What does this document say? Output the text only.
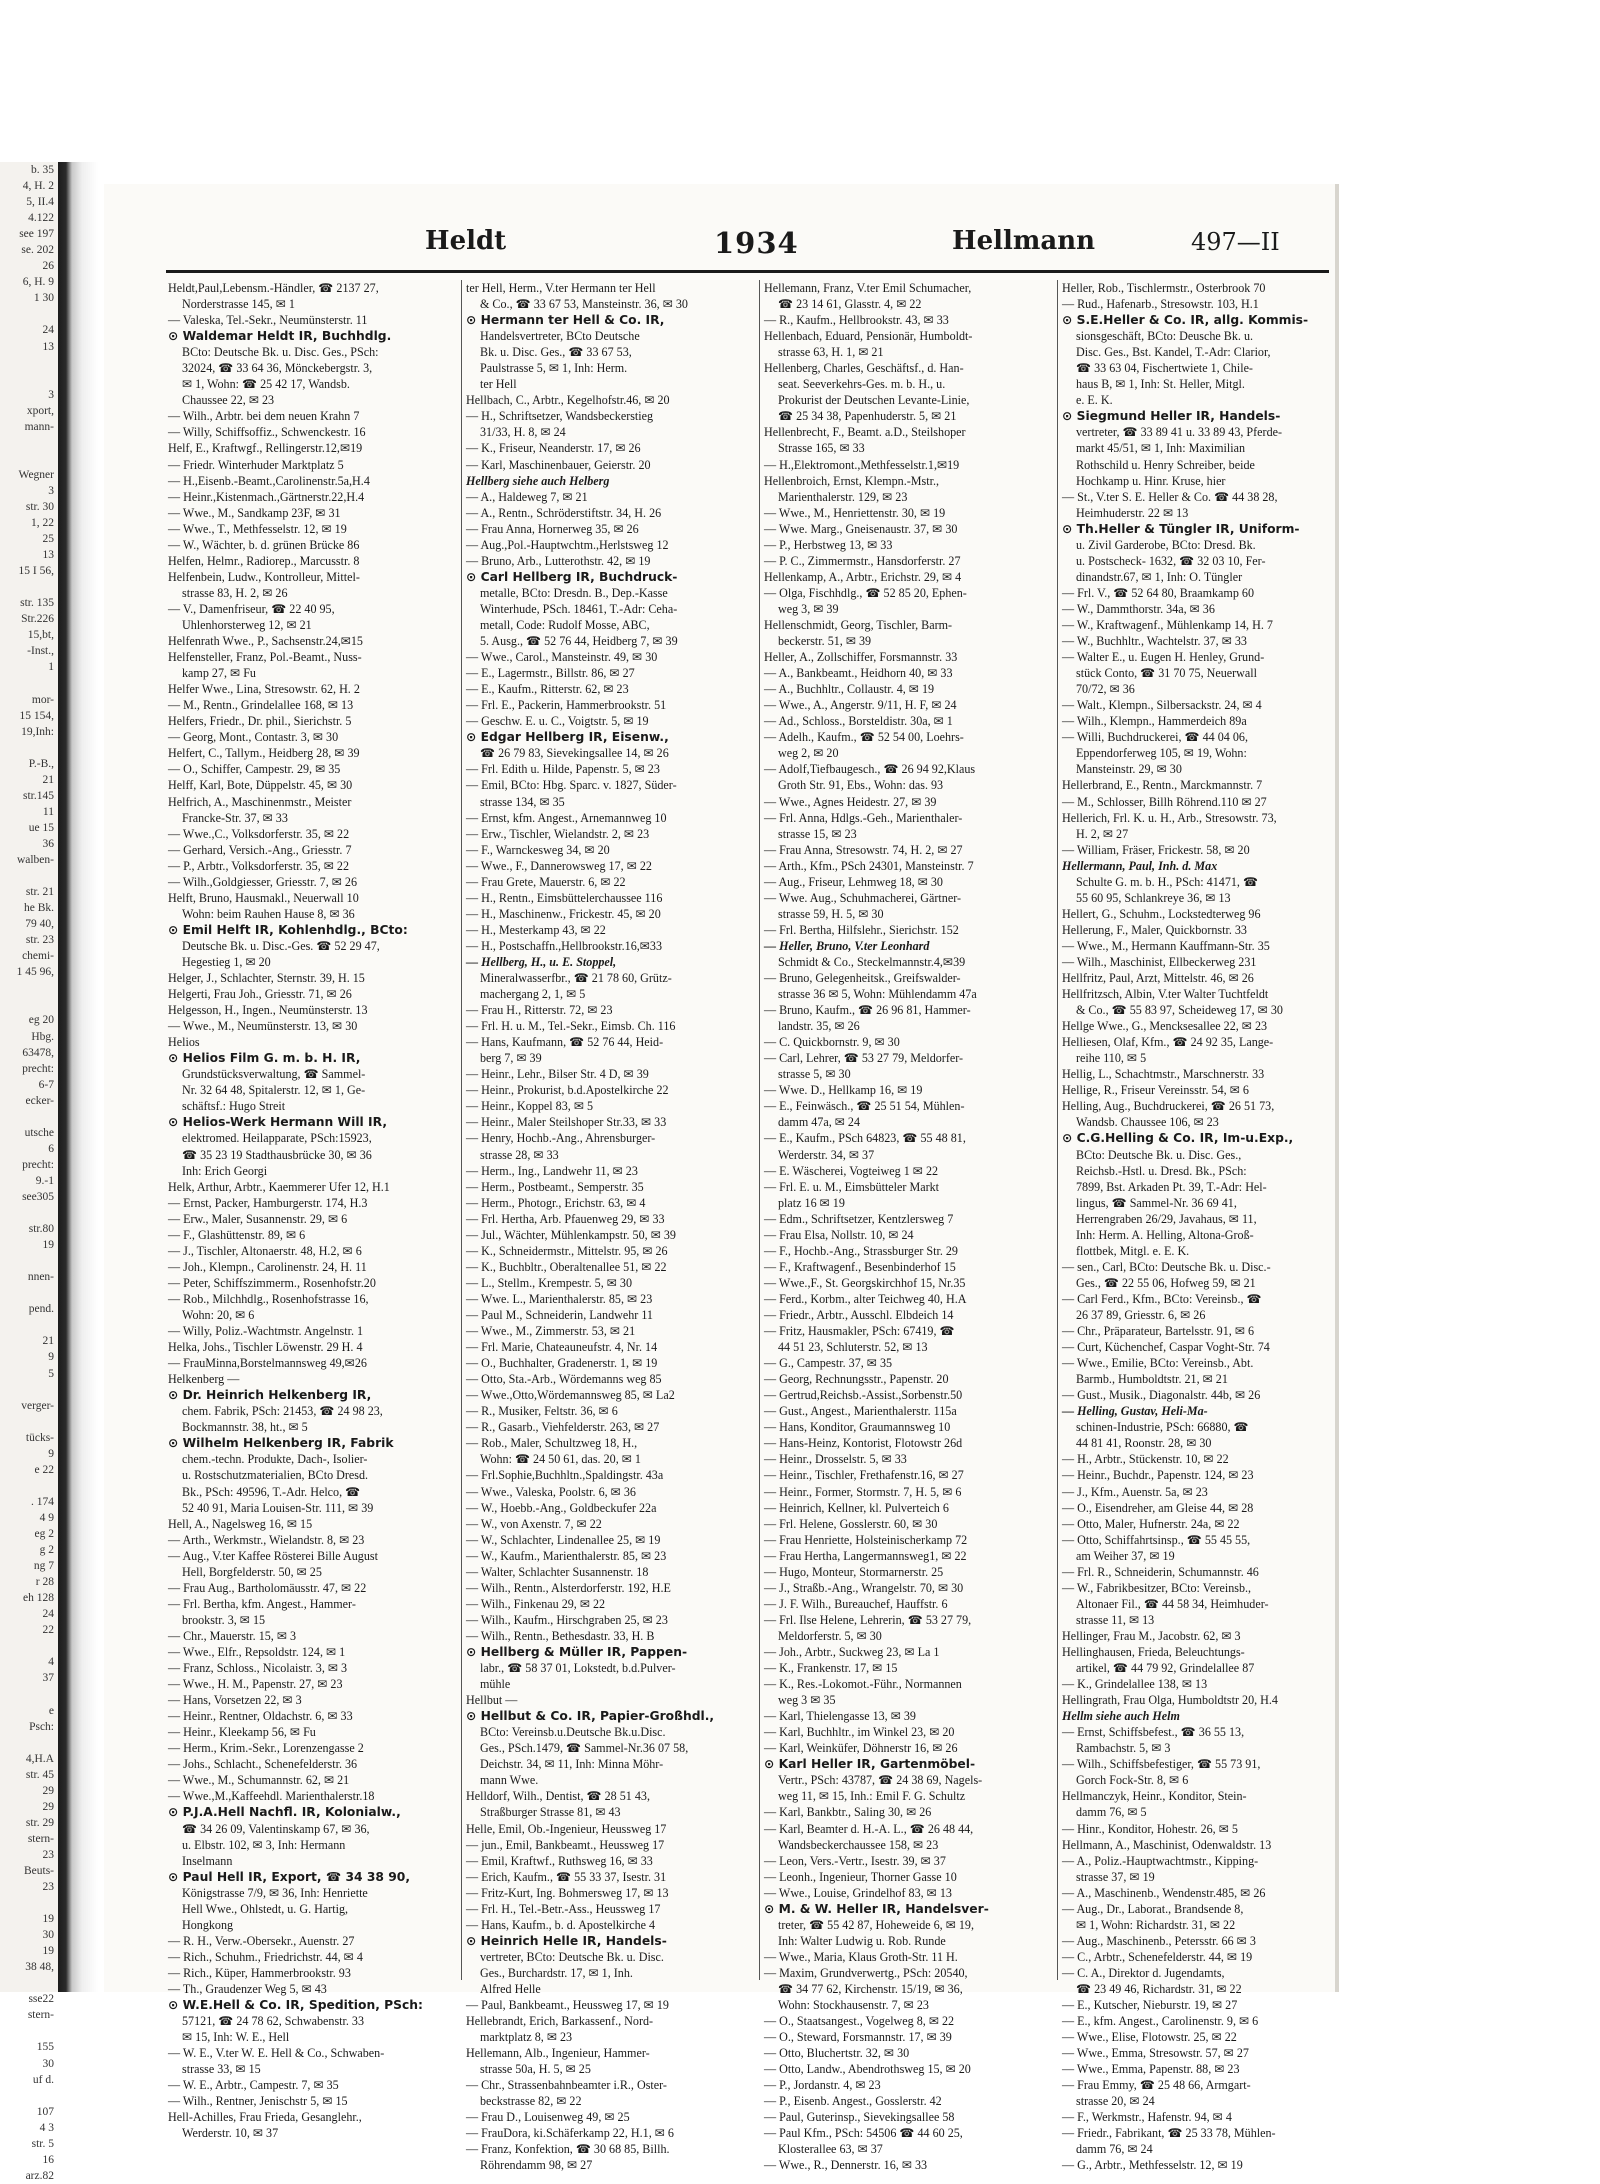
b. 35
4, H. 2
5, II.4
4.122
see 197
se. 202
26
6, H. 9
1 30

24
13

3
xport,
mann-

Wegner
3
str. 30
1, 22
25
13
15 I 56,

str. 135
Str.226
15,bt,
-Inst.,
1

mor-
15 154,
19,Inh:

P.-B.,
21
str.145
11
ue 15
36
walben-

str. 21
he Bk.
79 40,
str. 23
chemi-
1 45 96,

eg 20
Hbg.
63478,
precht:
6-7
ecker-

utsche
6
precht:
9.-1
see305

str.80
19

nnen-

pend.

21
9
5

verger-

tücks-
9
e 22

. 174
4 9
eg 2
g 2
ng 7
r 28
eh 128
24
22

4
37

e
Psch:

4,H.A
str. 45
29
29
str. 29
stern-
23
Beuts-
23

19
30
19
38 48,

sse22
stern-

155
30
uf d.

107
4 3
str. 5
16
arz.82
Heldt	1934	Hellmann	497—II
Heldt,Paul,Lebensm.-Händler, ☎ 2137 27,
Norderstrasse 145, ✉ 1
— Valeska, Tel.-Sekr., Neumünsterstr. 11
⊙ Waldemar Heldt IR, Buchhdlg.
BCto: Deutsche Bk. u. Disc. Ges., PSch:
32024, ☎ 33 64 36, Mönckebergstr. 3,
✉ 1, Wohn: ☎ 25 42 17, Wandsb.
Chaussee 22, ✉ 23
— Wilh., Arbtr. bei dem neuen Krahn 7
— Willy, Schiffsoffiz., Schwenckestr. 16
Helf, E., Kraftwgf., Rellingerstr.12,✉19
— Friedr. Winterhuder Marktplatz 5
— H.,Eisenb.-Beamt.,Carolinenstr.5a,H.4
— Heinr.,Kistenmach.,Gärtnerstr.22,H.4
— Wwe., M., Sandkamp 23F, ✉ 31
— Wwe., T., Methfesselstr. 12, ✉ 19
— W., Wächter, b. d. grünen Brücke 86
Helfen, Helmr., Radiorep., Marcusstr. 8
Helfenbein, Ludw., Kontrolleur, Mittel-
strasse 83, H. 2, ✉ 26
— V., Damenfriseur, ☎ 22 40 95,
Uhlenhorsterweg 12, ✉ 21
Helfenrath Wwe., P., Sachsenstr.24,✉15
Helfensteller, Franz, Pol.-Beamt., Nuss-
kamp 27, ✉ Fu
Helfer Wwe., Lina, Stresowstr. 62, H. 2
— M., Rentn., Grindelallee 168, ✉ 13
Helfers, Friedr., Dr. phil., Sierichstr. 5
— Georg, Mont., Contastr. 3, ✉ 30
Helfert, C., Tallym., Heidberg 28, ✉ 39
— O., Schiffer, Campestr. 29, ✉ 35
Helff, Karl, Bote, Düppelstr. 45, ✉ 30
Helfrich, A., Maschinenmstr., Meister
Francke-Str. 37, ✉ 33
— Wwe.,C., Volksdorferstr. 35, ✉ 22
— Gerhard, Versich.-Ang., Griesstr. 7
— P., Arbtr., Volksdorferstr. 35, ✉ 22
— Wilh.,Goldgiesser, Griesstr. 7, ✉ 26
Helft, Bruno, Hausmakl., Neuerwall 10
Wohn: beim Rauhen Hause 8, ✉ 36
⊙ Emil Helft IR, Kohlenhdlg., BCto:
Deutsche Bk. u. Disc.-Ges. ☎ 52 29 47,
Hegestieg 1, ✉ 20
Helger, J., Schlachter, Sternstr. 39, H. 15
Helgerti, Frau Joh., Griesstr. 71, ✉ 26
Helgesson, H., Ingen., Neumünsterstr. 13
— Wwe., M., Neumünsterstr. 13, ✉ 30
Helios
⊙ Helios Film G. m. b. H. IR,
Grundstücksverwaltung, ☎ Sammel-
Nr. 32 64 48, Spitalerstr. 12, ✉ 1, Ge-
schäftsf.: Hugo Streit
⊙ Helios-Werk Hermann Will IR,
elektromed. Heilapparate, PSch:15923,
☎ 35 23 19 Stadthausbrücke 30, ✉ 36
Inh: Erich Georgi
Helk, Arthur, Arbtr., Kaemmerer Ufer 12, H.1
— Ernst, Packer, Hamburgerstr. 174, H.3
— Erw., Maler, Susannenstr. 29, ✉ 6
— F., Glashüttenstr. 89, ✉ 6
— J., Tischler, Altonaerstr. 48, H.2, ✉ 6
— Joh., Klempn., Carolinenstr. 24, H. 11
— Peter, Schiffszimmerm., Rosenhofstr.20
— Rob., Milchhdlg., Rosenhofstrasse 16,
Wohn: 20, ✉ 6
— Willy, Poliz.-Wachtmstr. Angelnstr. 1
Helka, Johs., Tischler Löwenstr. 29 H. 4
— FrauMinna,Borstelmannsweg 49,✉26
Helkenberg —
⊙ Dr. Heinrich Helkenberg IR,
chem. Fabrik, PSch: 21453, ☎ 24 98 23,
Bockmannstr. 38, ht., ✉ 5
⊙ Wilhelm Helkenberg IR, Fabrik
chem.-techn. Produkte, Dach-, Isolier-
u. Rostschutzmaterialien, BCto Dresd.
Bk., PSch: 49596, T.-Adr. Helco, ☎
52 40 91, Maria Louisen-Str. 111, ✉ 39
Hell, A., Nagelsweg 16, ✉ 15
— Arth., Werkmstr., Wielandstr. 8, ✉ 23
— Aug., V.ter Kaffee Rösterei Bille August
Hell, Borgfelderstr. 50, ✉ 25
— Frau Aug., Bartholomäusstr. 47, ✉ 22
— Frl. Bertha, kfm. Angest., Hammer-
brookstr. 3, ✉ 15
— Chr., Mauerstr. 15, ✉ 3
— Wwe., Elfr., Repsoldstr. 124, ✉ 1
— Franz, Schloss., Nicolaistr. 3, ✉ 3
— Wwe., H. M., Papenstr. 27, ✉ 23
— Hans, Vorsetzen 22, ✉ 3
— Heinr., Rentner, Oldachstr. 6, ✉ 33
— Heinr., Kleekamp 56, ✉ Fu
— Herm., Krim.-Sekr., Lorenzengasse 2
— Johs., Schlacht., Schenefelderstr. 36
— Wwe., M., Schumannstr. 62, ✉ 21
— Wwe.,M.,Kaffeehdl. Marienthalerstr.18
⊙ P.J.A.Hell Nachfl. IR, Kolonialw.,
☎ 34 26 09, Valentinskamp 67, ✉ 36,
u. Elbstr. 102, ✉ 3, Inh: Hermann
Inselmann
⊙ Paul Hell IR, Export, ☎ 34 38 90,
Königstrasse 7/9, ✉ 36, Inh: Henriette
Hell Wwe., Ohlstedt, u. G. Hartig,
Hongkong
— R. H., Verw.-Obersekr., Auenstr. 27
— Rich., Schuhm., Friedrichstr. 44, ✉ 4
— Rich., Küper, Hammerbrookstr. 93
— Th., Graudenzer Weg 5, ✉ 43
⊙ W.E.Hell & Co. IR, Spedition, PSch:
57121, ☎ 24 78 62, Schwabenstr. 33
✉ 15, Inh: W. E., Hell
— W. E., V.ter W. E. Hell & Co., Schwaben-
strasse 33, ✉ 15
— W. E., Arbtr., Campestr. 7, ✉ 35
— Wilh., Rentner, Jenischstr 5, ✉ 15
Hell-Achilles, Frau Frieda, Gesanglehr.,
Werderstr. 10, ✉ 37
ter Hell, Herm., V.ter Hermann ter Hell
& Co., ☎ 33 67 53, Mansteinstr. 36, ✉ 30
⊙ Hermann ter Hell & Co. IR,
Handelsvertreter, BCto Deutsche
Bk. u. Disc. Ges., ☎ 33 67 53,
Paulstrasse 5, ✉ 1, Inh: Herm.
ter Hell
Hellbach, C., Arbtr., Kegelhofstr.46, ✉ 20
— H., Schriftsetzer, Wandsbeckerstieg
31/33, H. 8, ✉ 24
— K., Friseur, Neanderstr. 17, ✉ 26
— Karl, Maschinenbauer, Geierstr. 20
Hellberg siehe auch Helberg
— A., Haldeweg 7, ✉ 21
— A., Rentn., Schröderstiftstr. 34, H. 26
— Frau Anna, Hornerweg 35, ✉ 26
— Aug.,Pol.-Hauptwchtm.,Herlstsweg 12
— Bruno, Arb., Lutterothstr. 42, ✉ 19
⊙ Carl Hellberg IR, Buchdruck-
metalle, BCto: Dresdn. B., Dep.-Kasse
Winterhude, PSch. 18461, T.-Adr: Ceha-
metall, Code: Rudolf Mosse, ABC,
5. Ausg., ☎ 52 76 44, Heidberg 7, ✉ 39
— Wwe., Carol., Mansteinstr. 49, ✉ 30
— E., Lagermstr., Billstr. 86, ✉ 27
— E., Kaufm., Ritterstr. 62, ✉ 23
— Frl. E., Packerin, Hammerbrookstr. 51
— Geschw. E. u. C., Voigtstr. 5, ✉ 19
⊙ Edgar Hellberg IR, Eisenw.,
☎ 26 79 83, Sievekingsallee 14, ✉ 26
— Frl. Edith u. Hilde, Papenstr. 5, ✉ 23
— Emil, BCto: Hbg. Sparc. v. 1827, Süder-
strasse 134, ✉ 35
— Ernst, kfm. Angest., Arnemannweg 10
— Erw., Tischler, Wielandstr. 2, ✉ 23
— F., Warnckesweg 34, ✉ 20
— Wwe., F., Dannerowsweg 17, ✉ 22
— Frau Grete, Mauerstr. 6, ✉ 22
— H., Rentn., Eimsbüttelerchaussee 116
— H., Maschinenw., Frickestr. 45, ✉ 20
— H., Mesterkamp 43, ✉ 22
— H., Postschaffn.,Hellbrookstr.16,✉33
— Hellberg, H., u. E. Stoppel,
Mineralwasserfbr., ☎ 21 78 60, Grütz-
machergang 2, 1, ✉ 5
— Frau H., Ritterstr. 72, ✉ 23
— Frl. H. u. M., Tel.-Sekr., Eimsb. Ch. 116
— Hans, Kaufmann, ☎ 52 76 44, Heid-
berg 7, ✉ 39
— Heinr., Lehr., Bilser Str. 4 D, ✉ 39
— Heinr., Prokurist, b.d.Apostelkirche 22
— Heinr., Koppel 83, ✉ 5
— Heinr., Maler Steilshoper Str.33, ✉ 33
— Henry, Hochb.-Ang., Ahrensburger-
strasse 28, ✉ 33
— Herm., Ing., Landwehr 11, ✉ 23
— Herm., Postbeamt., Semperstr. 35
— Herm., Photogr., Erichstr. 63, ✉ 4
— Frl. Hertha, Arb. Pfauenweg 29, ✉ 33
— Jul., Wächter, Mühlenkampstr. 50, ✉ 39
— K., Schneidermstr., Mittelstr. 95, ✉ 26
— K., Buchbltr., Oberaltenallee 51, ✉ 22
— L., Stellm., Krempestr. 5, ✉ 30
— Wwe. L., Marienthalerstr. 85, ✉ 23
— Paul M., Schneiderin, Landwehr 11
— Wwe., M., Zimmerstr. 53, ✉ 21
— Frl. Marie, Chateauneufstr. 4, Nr. 14
— O., Buchhalter, Gradenerstr. 1, ✉ 19
— Otto, Sta.-Arb., Wördemanns weg 85
— Wwe.,Otto,Wördemannsweg 85, ✉ La2
— R., Musiker, Feltstr. 36, ✉ 6
— R., Gasarb., Viehfelderstr. 263, ✉ 27
— Rob., Maler, Schultzweg 18, H.,
Wohn: ☎ 24 50 61, das. 20, ✉ 1
— Frl.Sophie,Buchhltn.,Spaldingstr. 43a
— Wwe., Valeska, Poolstr. 6, ✉ 36
— W., Hoebb.-Ang., Goldbeckufer 22a
— W., von Axenstr. 7, ✉ 22
— W., Schlachter, Lindenallee 25, ✉ 19
— W., Kaufm., Marienthalerstr. 85, ✉ 23
— Walter, Schlachter Susannenstr. 18
— Wilh., Rentn., Alsterdorferstr. 192, H.E
— Wilh., Finkenau 29, ✉ 22
— Wilh., Kaufm., Hirschgraben 25, ✉ 23
— Wilh., Rentn., Bethesdastr. 33, H. B
⊙ Hellberg & Müller IR, Pappen-
labr., ☎ 58 37 01, Lokstedt, b.d.Pulver-
mühle
Hellbut —
⊙ Hellbut & Co. IR, Papier-Großhdl.,
BCto: Vereinsb.u.Deutsche Bk.u.Disc.
Ges., PSch.1479, ☎ Sammel-Nr.36 07 58,
Deichstr. 34, ✉ 11, Inh: Minna Möhr-
mann Wwe.
Helldorf, Wilh., Dentist, ☎ 28 51 43,
Straßburger Strasse 81, ✉ 43
Helle, Emil, Ob.-Ingenieur, Heussweg 17
— jun., Emil, Bankbeamt., Heussweg 17
— Emil, Kraftwf., Ruthsweg 16, ✉ 33
— Erich, Kaufm., ☎ 55 33 37, Isestr. 31
— Fritz-Kurt, Ing. Bohmersweg 17, ✉ 13
— Frl. H., Tel.-Betr.-Ass., Heussweg 17
— Hans, Kaufm., b. d. Apostelkirche 4
⊙ Heinrich Helle IR, Handels-
vertreter, BCto: Deutsche Bk. u. Disc.
Ges., Burchardstr. 17, ✉ 1, Inh.
Alfred Helle
— Paul, Bankbeamt., Heussweg 17, ✉ 19
Hellebrandt, Erich, Barkassenf., Nord-
marktplatz 8, ✉ 23
Hellemann, Alb., Ingenieur, Hammer-
strasse 50a, H. 5, ✉ 25
— Chr., Strassenbahnbeamter i.R., Oster-
beckstrasse 82, ✉ 22
— Frau D., Louisenweg 49, ✉ 25
— FrauDora, ki.Schäferkamp 22, H.1, ✉ 6
— Franz, Konfektion, ☎ 30 68 85, Billh.
Röhrendamm 98, ✉ 27
Hellemann, Franz, V.ter Emil Schumacher,
☎ 23 14 61, Glasstr. 4, ✉ 22
— R., Kaufm., Hellbrookstr. 43, ✉ 33
Hellenbach, Eduard, Pensionär, Humboldt-
strasse 63, H. 1, ✉ 21
Hellenberg, Charles, Geschäftsf., d. Han-
seat. Seeverkehrs-Ges. m. b. H., u.
Prokurist der Deutschen Levante-Linie,
☎ 25 34 38, Papenhuderstr. 5, ✉ 21
Hellenbrecht, F., Beamt. a.D., Steilshoper
Strasse 165, ✉ 33
— H.,Elektromont.,Methfesselstr.1,✉19
Hellenbroich, Ernst, Klempn.-Mstr.,
Marienthalerstr. 129, ✉ 23
— Wwe., M., Henriettenstr. 30, ✉ 19
— Wwe. Marg., Gneisenaustr. 37, ✉ 30
— P., Herbstweg 13, ✉ 33
— P. C., Zimmermstr., Hansdorferstr. 27
Hellenkamp, A., Arbtr., Erichstr. 29, ✉ 4
— Olga, Fischhdlg., ☎ 52 85 20, Ephen-
weg 3, ✉ 39
Hellenschmidt, Georg, Tischler, Barm-
beckerstr. 51, ✉ 39
Heller, A., Zollschiffer, Forsmannstr. 33
— A., Bankbeamt., Heidhorn 40, ✉ 33
— A., Buchhltr., Collaustr. 4, ✉ 19
— Wwe., A., Angerstr. 9/11, H. F, ✉ 24
— Ad., Schloss., Borsteldistr. 30a, ✉ 1
— Adelh., Kaufm., ☎ 52 54 00, Loehrs-
weg 2, ✉ 20
— Adolf,Tiefbaugesch., ☎ 26 94 92,Klaus
Groth Str. 91, Ebs., Wohn: das. 93
— Wwe., Agnes Heidestr. 27, ✉ 39
— Frl. Anna, Hdlgs.-Geh., Marienthaler-
strasse 15, ✉ 23
— Frau Anna, Stresowstr. 74, H. 2, ✉ 27
— Arth., Kfm., PSch 24301, Mansteinstr. 7
— Aug., Friseur, Lehmweg 18, ✉ 30
— Wwe. Aug., Schuhmacherei, Gärtner-
strasse 59, H. 5, ✉ 30
— Frl. Bertha, Hilfslehr., Sierichstr. 152
— Heller, Bruno, V.ter Leonhard
Schmidt & Co., Steckelmannstr.4,✉39
— Bruno, Gelegenheitsk., Greifswalder-
strasse 36 ✉ 5, Wohn: Mühlendamm 47a
— Bruno, Kaufm., ☎ 26 96 81, Hammer-
landstr. 35, ✉ 26
— C. Quickbornstr. 9, ✉ 30
— Carl, Lehrer, ☎ 53 27 79, Meldorfer-
strasse 5, ✉ 30
— Wwe. D., Hellkamp 16, ✉ 19
— E., Feinwäsch., ☎ 25 51 54, Mühlen-
damm 47a, ✉ 24
— E., Kaufm., PSch 64823, ☎ 55 48 81,
Werderstr. 34, ✉ 37
— E. Wäscherei, Vogteiweg 1 ✉ 22
— Frl. E. u. M., Eimsbütteler Markt
platz 16 ✉ 19
— Edm., Schriftsetzer, Kentzlersweg 7
— Frau Elsa, Nollstr. 10, ✉ 24
— F., Hochb.-Ang., Strassburger Str. 29
— F., Kraftwagenf., Besenbinderhof 15
— Wwe.,F., St. Georgskirchhof 15, Nr.35
— Ferd., Korbm., alter Teichweg 40, H.A
— Friedr., Arbtr., Ausschl. Elbdeich 14
— Fritz, Hausmakler, PSch: 67419, ☎
44 51 23, Schluterstr. 52, ✉ 13
— G., Campestr. 37, ✉ 35
— Georg, Rechnungsstr., Papenstr. 20
— Gertrud,Reichsb.-Assist.,Sorbenstr.50
— Gust., Angest., Marienthalerstr. 115a
— Hans, Konditor, Graumannsweg 10
— Hans-Heinz, Kontorist, Flotowstr 26d
— Heinr., Drosselstr. 5, ✉ 33
— Heinr., Tischler, Frethafenstr.16, ✉ 27
— Heinr., Former, Stormstr. 7, H. 5, ✉ 6
— Heinrich, Kellner, kl. Pulverteich 6
— Frl. Helene, Gosslerstr. 60, ✉ 30
— Frau Henriette, Holsteinischerkamp 72
— Frau Hertha, Langermannsweg1, ✉ 22
— Hugo, Monteur, Stormarnerstr. 25
— J., Straßb.-Ang., Wrangelstr. 70, ✉ 30
— J. F. Wilh., Bureauchef, Hauffstr. 6
— Frl. Ilse Helene, Lehrerin, ☎ 53 27 79,
Meldorferstr. 5, ✉ 30
— Joh., Arbtr., Suckweg 23, ✉ La 1
— K., Frankenstr. 17, ✉ 15
— K., Res.-Lokomot.-Führ., Normannen
weg 3 ✉ 35
— Karl, Thielengasse 13, ✉ 39
— Karl, Buchhltr., im Winkel 23, ✉ 20
— Karl, Weinküfer, Döhnerstr 16, ✉ 26
⊙ Karl Heller IR, Gartenmöbel-
Vertr., PSch: 43787, ☎ 24 38 69, Nagels-
weg 11, ✉ 15, Inh.: Emil F. G. Schultz
— Karl, Bankbtr., Saling 30, ✉ 26
— Karl, Beamter d. H.-A. L., ☎ 26 48 44,
Wandsbeckerchaussee 158, ✉ 23
— Leon, Vers.-Vertr., Isestr. 39, ✉ 37
— Leonh., Ingenieur, Thorner Gasse 10
— Wwe., Louise, Grindelhof 83, ✉ 13
⊙ M. & W. Heller IR, Handelsver-
treter, ☎ 55 42 87, Hoheweide 6, ✉ 19,
Inh: Walter Ludwig u. Rob. Runde
— Wwe., Maria, Klaus Groth-Str. 11 H.
— Maxim, Grundverwertg., PSch: 20540,
☎ 34 77 62, Kirchenstr. 15/19, ✉ 36,
Wohn: Stockhausenstr. 7, ✉ 23
— O., Staatsangest., Vogelweg 8, ✉ 22
— O., Steward, Forsmannstr. 17, ✉ 39
— Otto, Bluchertstr. 32, ✉ 30
— Otto, Landw., Abendrothsweg 15, ✉ 20
— P., Jordanstr. 4, ✉ 23
— P., Eisenb. Angest., Gosslerstr. 42
— Paul, Guterinsp., Sievekingsallee 58
— Paul Kfm., PSch: 54506 ☎ 44 60 25,
Klosterallee 63, ✉ 37
— Wwe., R., Dennerstr. 16, ✉ 33
Heller, Rob., Tischlermstr., Osterbrook 70
— Rud., Hafenarb., Stresowstr. 103, H.1
⊙ S.E.Heller & Co. IR, allg. Kommis-
sionsgeschäft, BCto: Deusche Bk. u.
Disc. Ges., Bst. Kandel, T.-Adr: Clarior,
☎ 33 63 04, Fischertwiete 1, Chile-
haus B, ✉ 1, Inh: St. Heller, Mitgl.
e. E. K.
⊙ Siegmund Heller IR, Handels-
vertreter, ☎ 33 89 41 u. 33 89 43, Pferde-
markt 45/51, ✉ 1, Inh: Maximilian
Rothschild u. Henry Schreiber, beide
Hochkamp u. Hinr. Kruse, hier
— St., V.ter S. E. Heller & Co. ☎ 44 38 28,
Heimhuderstr. 22 ✉ 13
⊙ Th.Heller & Tüngler IR, Uniform-
u. Zivil Garderobe, BCto: Dresd. Bk.
u. Postscheck- 1632, ☎ 32 03 10, Fer-
dinandstr.67, ✉ 1, Inh: O. Tüngler
— Frl. V., ☎ 52 64 80, Braamkamp 60
— W., Dammthorstr. 34a, ✉ 36
— W., Kraftwagenf., Mühlenkamp 14, H. 7
— W., Buchhltr., Wachtelstr. 37, ✉ 33
— Walter E., u. Eugen H. Henley, Grund-
stück Conto, ☎ 31 70 75, Neuerwall
70/72, ✉ 36
— Walt., Klempn., Silbersackstr. 24, ✉ 4
— Wilh., Klempn., Hammerdeich 89a
— Willi, Buchdruckerei, ☎ 44 04 06,
Eppendorferweg 105, ✉ 19, Wohn:
Mansteinstr. 29, ✉ 30
Hellerbrand, E., Rentn., Marckmannstr. 7
— M., Schlosser, Billh Röhrend.110 ✉ 27
Hellerich, Frl. K. u. H., Arb., Stresowstr. 73,
H. 2, ✉ 27
— William, Fräser, Frickestr. 58, ✉ 20
Hellermann, Paul, Inh. d. Max
Schulte G. m. b. H., PSch: 41471, ☎
55 60 95, Schlankreye 36, ✉ 13
Hellert, G., Schuhm., Lockstedterweg 96
Hellerung, F., Maler, Quickbornstr. 33
— Wwe., M., Hermann Kauffmann-Str. 35
— Wilh., Maschinist, Ellbeckerweg 231
Hellfritz, Paul, Arzt, Mittelstr. 46, ✉ 26
Hellfritzsch, Albin, V.ter Walter Tuchtfeldt
& Co., ☎ 55 83 97, Scheideweg 17, ✉ 30
Hellge Wwe., G., Mencksesallee 22, ✉ 23
Helliesen, Olaf, Kfm., ☎ 24 92 35, Lange-
reihe 110, ✉ 5
Hellig, L., Schachtmstr., Marschnerstr. 33
Hellige, R., Friseur Vereinsstr. 54, ✉ 6
Helling, Aug., Buchdruckerei, ☎ 26 51 73,
Wandsb. Chaussee 106, ✉ 23
⊙ C.G.Helling & Co. IR, Im-u.Exp.,
BCto: Deutsche Bk. u. Disc. Ges.,
Reichsb.-Hstl. u. Dresd. Bk., PSch:
7899, Bst. Arkaden Pt. 39, T.-Adr: Hel-
lingus, ☎ Sammel-Nr. 36 69 41,
Herrengraben 26/29, Javahaus, ✉ 11,
Inh: Herm. A. Helling, Altona-Groß-
flottbek, Mitgl. e. E. K.
— sen., Carl, BCto: Deutsche Bk. u. Disc.-
Ges., ☎ 22 55 06, Hofweg 59, ✉ 21
— Carl Ferd., Kfm., BCto: Vereinsb., ☎
26 37 89, Griesstr. 6, ✉ 26
— Chr., Präparateur, Bartelsstr. 91, ✉ 6
— Curt, Küchenchef, Caspar Voght-Str. 74
— Wwe., Emilie, BCto: Vereinsb., Abt.
Barmb., Humboldtstr. 21, ✉ 21
— Gust., Musik., Diagonalstr. 44b, ✉ 26
— Helling, Gustav, Heli-Ma-
schinen-Industrie, PSch: 66880, ☎
44 81 41, Roonstr. 28, ✉ 30
— H., Arbtr., Stückenstr. 10, ✉ 22
— Heinr., Buchdr., Papenstr. 124, ✉ 23
— J., Kfm., Auenstr. 5a, ✉ 23
— O., Eisendreher, am Gleise 44, ✉ 28
— Otto, Maler, Hufnerstr. 24a, ✉ 22
— Otto, Schiffahrtsinsp., ☎ 55 45 55,
am Weiher 37, ✉ 19
— Frl. R., Schneiderin, Schumannstr. 46
— W., Fabrikbesitzer, BCto: Vereinsb.,
Altonaer Fil., ☎ 44 58 34, Heimhuder-
strasse 11, ✉ 13
Hellinger, Frau M., Jacobstr. 62, ✉ 3
Hellinghausen, Frieda, Beleuchtungs-
artikel, ☎ 44 79 92, Grindelallee 87
— K., Grindelallee 138, ✉ 13
Hellingrath, Frau Olga, Humboldtstr 20, H.4
Hellm siehe auch Helm
— Ernst, Schiffsbefest., ☎ 36 55 13,
Rambachstr. 5, ✉ 3
— Wilh., Schiffsbefestiger, ☎ 55 73 91,
Gorch Fock-Str. 8, ✉ 6
Hellmanczyk, Heinr., Konditor, Stein-
damm 76, ✉ 5
— Hinr., Konditor, Hohestr. 26, ✉ 5
Hellmann, A., Maschinist, Odenwaldstr. 13
— A., Poliz.-Hauptwachtmstr., Kipping-
strasse 37, ✉ 19
— A., Maschinenb., Wendenstr.485, ✉ 26
— Aug., Dr., Laborat., Brandsende 8,
✉ 1, Wohn: Richardstr. 31, ✉ 22
— Aug., Maschinenb., Petersstr. 66 ✉ 3
— C., Arbtr., Schenefelderstr. 44, ✉ 19
— C. A., Direktor d. Jugendamts,
☎ 23 49 46, Richardstr. 31, ✉ 22
— E., Kutscher, Nieburstr. 19, ✉ 27
— E., kfm. Angest., Carolinenstr. 9, ✉ 6
— Wwe., Elise, Flotowstr. 25, ✉ 22
— Wwe., Emma, Stresowstr. 57, ✉ 27
— Wwe., Emma, Papenstr. 88, ✉ 23
— Frau Emmy, ☎ 25 48 66, Armgart-
strasse 20, ✉ 24
— F., Werkmstr., Hafenstr. 94, ✉ 4
— Friedr., Fabrikant, ☎ 25 33 78, Mühlen-
damm 76, ✉ 24
— G., Arbtr., Methfesselstr. 12, ✉ 19
